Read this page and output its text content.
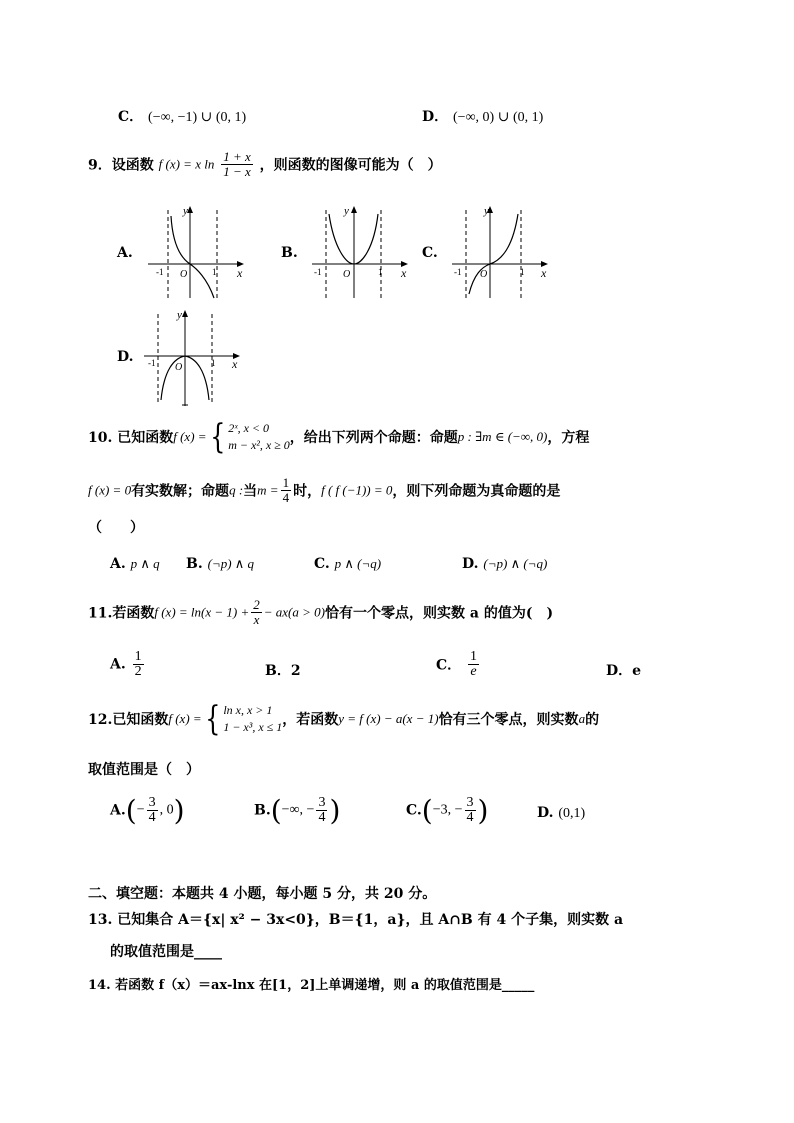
C． (−∞, −1) ∪ (0, 1)	D． (−∞, 0) ∪ (0, 1)
9．设函数 f (x) = x $\ln \frac{1 + x}{1 - x}$ ，则函数的图像可能为（　）
A.
y
x
O
-1	1
B.
y
x
O
-1	1
C.
y
x
O
-1	1
D.
y
x
O
-1	1
10. 已知函数f (x) ={ 2ˣ, x < 0
m − x², x ≥ 0 ，给出下列两个命题：命题p : ∃m ∈ (−∞, 0)，方程
f (x) = 0有实数解；命题q :当$m = \frac{1}{4}$ 时，f ( f (−1)) = 0，则下列命题为真命题的是
（　　）
A. p ∧ q B. (¬p) ∧ q	C. p ∧ (¬q)	D. (¬p) ∧ (¬q)
11.若函数f $(x) = \ln(x - 1) + \frac{2}{x} - ax(a > 0)$恰有一个零点，则实数 a 的值为(　)
A. $\frac{1}{2}$	B．2	C． $\frac{1}{e}$	D．e
12.已知函数f (x) ={ ln x, x > 1
1 − x³, x ≤ 1 ，若函数y = f (x) − a(x − 1)恰有三个零点，则实数a的
取值范围是（　）
$A.(- \frac{3}{4}$ , 0)	B.(−∞, − $\frac{3}{4}$ )	C.(−3, − $\frac{3}{4}$ )	D. (0,1)
二、填空题：本题共 4 小题，每小题 5 分，共 20 分。
13. 已知集合 A＝{x| x² − 3x<0}，B＝{1，a}，且 A∩B 有 4 个子集，则实数 a
的取值范围是____
14. 若函数 f（x）＝ax-lnx 在[1，2]上单调递增，则 a 的取值范围是_____
